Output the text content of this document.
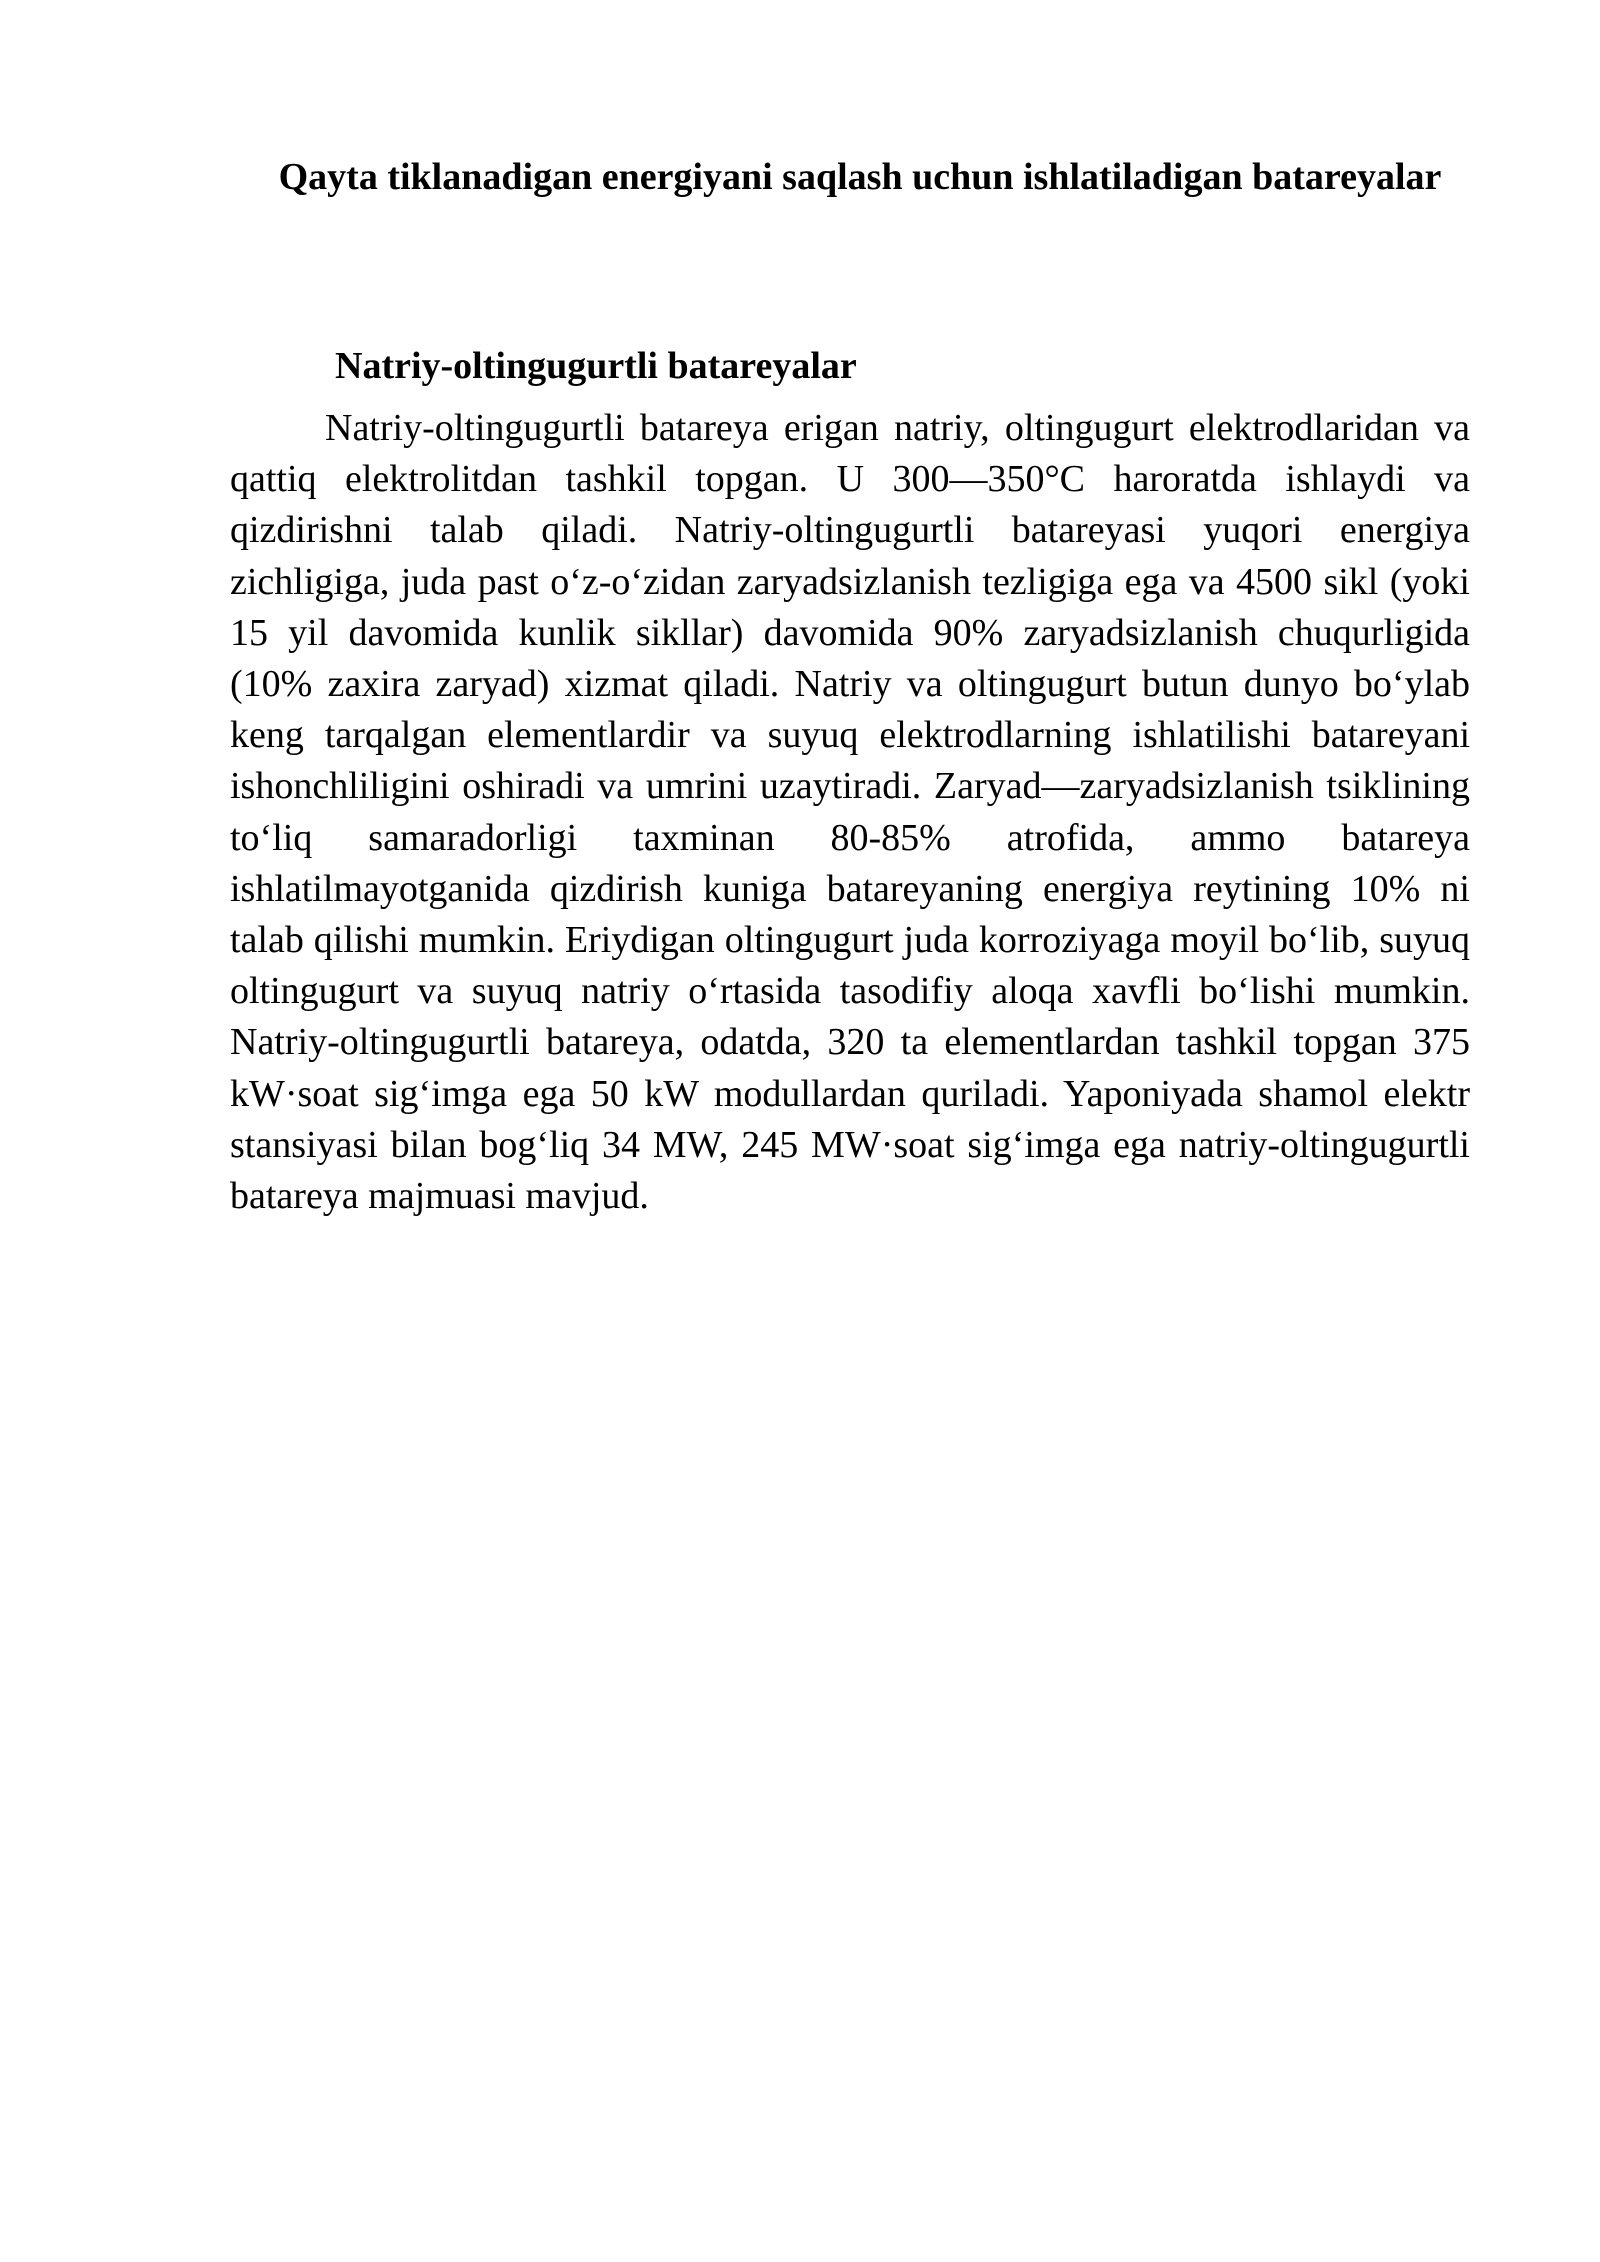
Qayta tiklanadigan energiyani saqlash uchun ishlatiladigan batareyalar
Natriy-oltingugurtli batareyalar

Natriy-oltingugurtli batareya erigan natriy, oltingugurt elektrodlaridan va qattiq elektrolitdan tashkil topgan. U 300—350°C haroratda ishlaydi va qizdirishni talab qiladi. Natriy-oltingugurtli batareyasi yuqori energiya zichligiga, juda past o‘z-o‘zidan zaryadsizlanish tezligiga ega va 4500 sikl (yoki 15 yil davomida kunlik sikllar) davomida 90% zaryadsizlanish chuqurligida (10% zaxira zaryad) xizmat qiladi. Natriy va oltingugurt butun dunyo bo‘ylab keng tarqalgan elementlardir va suyuq elektrodlarning ishlatilishi batareyani ishonchliligini oshiradi va umrini uzaytiradi. Zaryad—zaryadsizlanish tsiklining to‘liq samaradorligi taxminan 80-85% atrofida, ammo batareya ishlatilmayotganida qizdirish kuniga batareyaning energiya reytining 10% ni talab qilishi mumkin. Eriydigan oltingugurt juda korroziyaga moyil bo‘lib, suyuq oltingugurt va suyuq natriy o‘rtasida tasodifiy aloqa xavfli bo‘lishi mumkin. Natriy-oltingugurtli batareya, odatda, 320 ta elementlardan tashkil topgan 375 kW·soat sig‘imga ega 50 kW modullardan quriladi. Yaponiyada shamol elektr stansiyasi bilan bog‘liq 34 MW, 245 MW·soat sig‘imga ega natriy-oltingugurtli batareya majmuasi mavjud.
